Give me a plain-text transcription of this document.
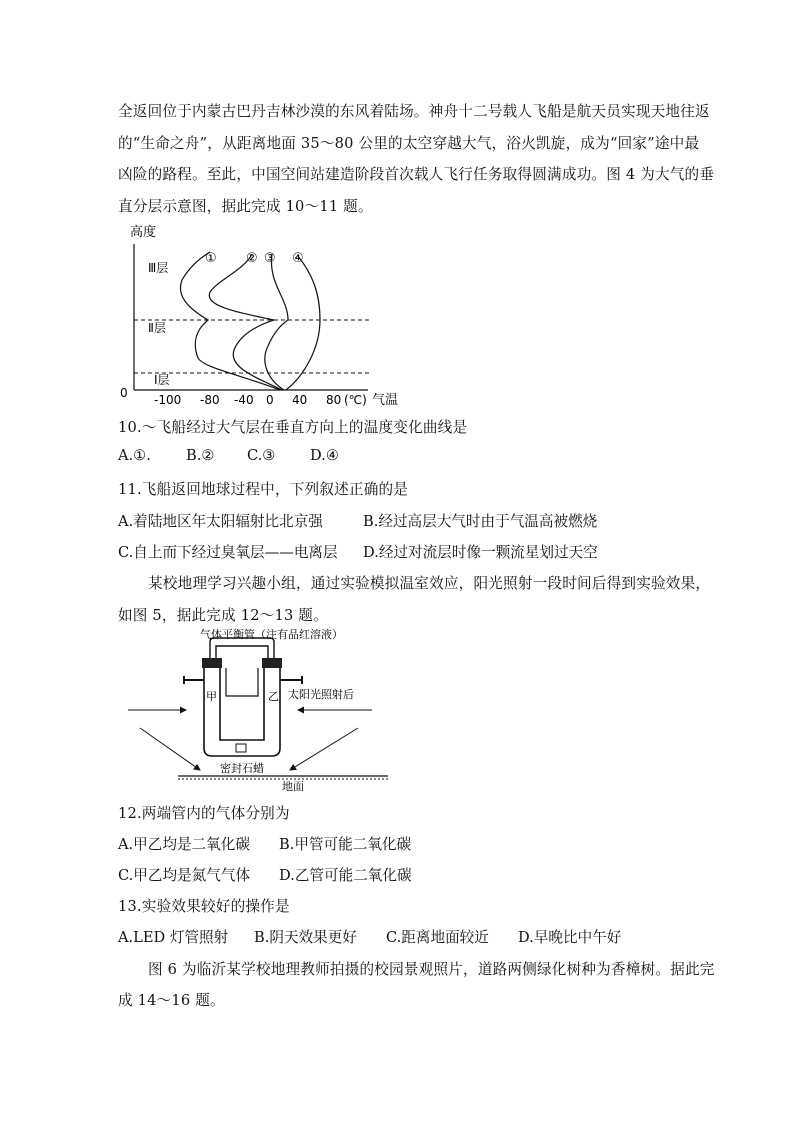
全返回位于内蒙古巴丹吉林沙漠的东风着陆场。神舟十二号载人飞船是航天员实现天地往返
的“生命之舟”，从距离地面 35～80 公里的太空穿越大气，浴火凯旋，成为“回家”途中最
凶险的路程。至此，中国空间站建造阶段首次载人飞行任务取得圆满成功。图 4 为大气的垂
直分层示意图，据此完成 10～11 题。
高度
Ⅲ层
Ⅱ层
Ⅰ层
① ② ③ ④
0 -100 -80 -40 0 40 80 (℃) 气温
10.～飞船经过大气层在垂直方向上的温度变化曲线是
A.①. B.② C.③ D.④
11.飞船返回地球过程中，下列叙述正确的是
A.着陆地区年太阳辐射比北京强	B.经过高层大气时由于气温高被燃烧
C.自上而下经过臭氧层——电离层 D.经过对流层时像一颗流星划过天空
某校地理学习兴趣小组，通过实验模拟温室效应，阳光照射一段时间后得到实验效果，
如图 5，据此完成 12～13 题。
气体平衡管（注有品红溶液）
甲	乙 太阳光照射后
密封石蜡
地面
12.两端管内的气体分别为
A.甲乙均是二氧化碳 B.甲管可能二氧化碳
C.甲乙均是氮气气体 D.乙管可能二氧化碳
13.实验效果较好的操作是
A.LED 灯管照射 B.阴天效果更好 C.距离地面较近 D.早晚比中午好
图 6 为临沂某学校地理教师拍摄的校园景观照片，道路两侧绿化树种为香樟树。据此完
成 14～16 题。
